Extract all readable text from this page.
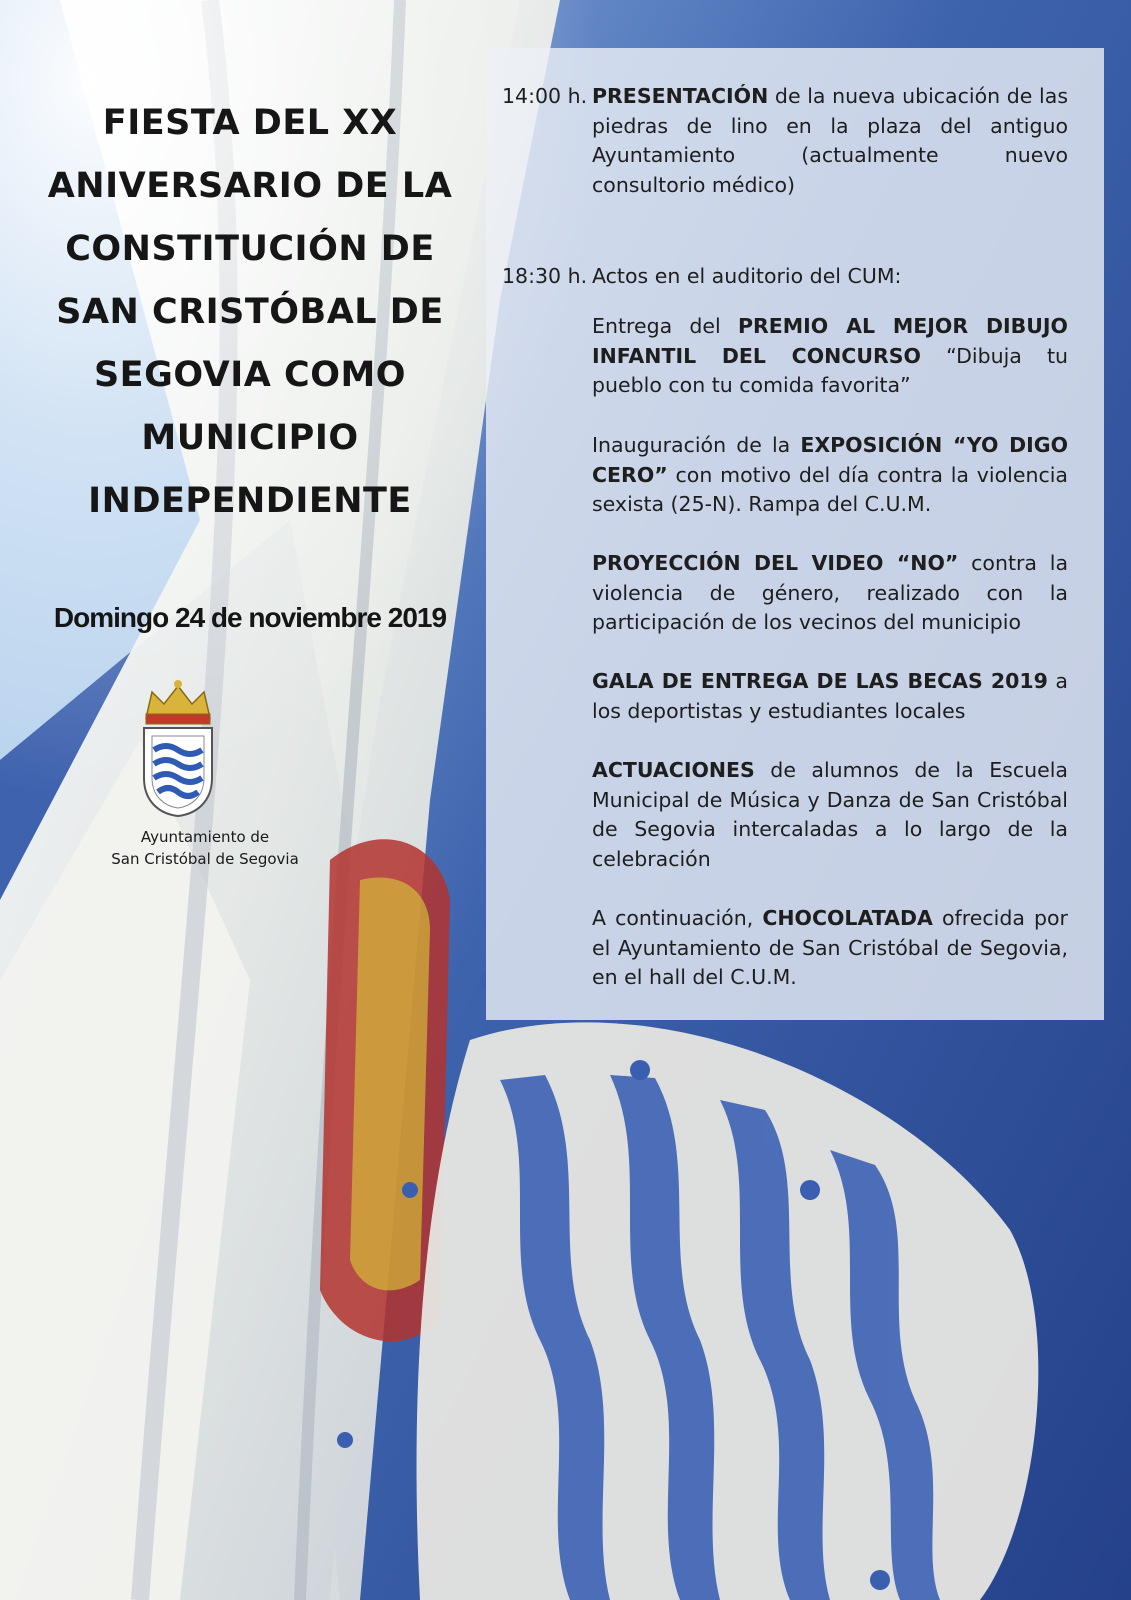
FIESTA DEL XX
ANIVERSARIO DE LA
CONSTITUCIÓN DE
SAN CRISTÓBAL DE
SEGOVIA COMO
MUNICIPIO
INDEPENDIENTE
Domingo 24 de noviembre 2019
Ayuntamiento de
San Cristóbal de Segovia
14:00 h. PRESENTACIÓN de la nueva ubicación de las piedras de lino en la plaza del antiguo Ayuntamiento (actualmente nuevo consultorio médico)
18:30 h. Actos en el auditorio del CUM:
Entrega del PREMIO AL MEJOR DIBUJO INFANTIL DEL CONCURSO “Dibuja tu pueblo con tu comida favorita”
Inauguración de la EXPOSICIÓN “YO DIGO CERO” con motivo del día contra la violencia sexista (25-N). Rampa del C.U.M.
PROYECCIÓN DEL VIDEO “NO” contra la violencia de género, realizado con la participación de los vecinos del municipio
GALA DE ENTREGA DE LAS BECAS 2019 a los deportistas y estudiantes locales
ACTUACIONES de alumnos de la Escuela Municipal de Música y Danza de San Cristóbal de Segovia intercaladas a lo largo de la celebración
A continuación, CHOCOLATADA ofrecida por el Ayuntamiento de San Cristóbal de Segovia, en el hall del C.U.M.
